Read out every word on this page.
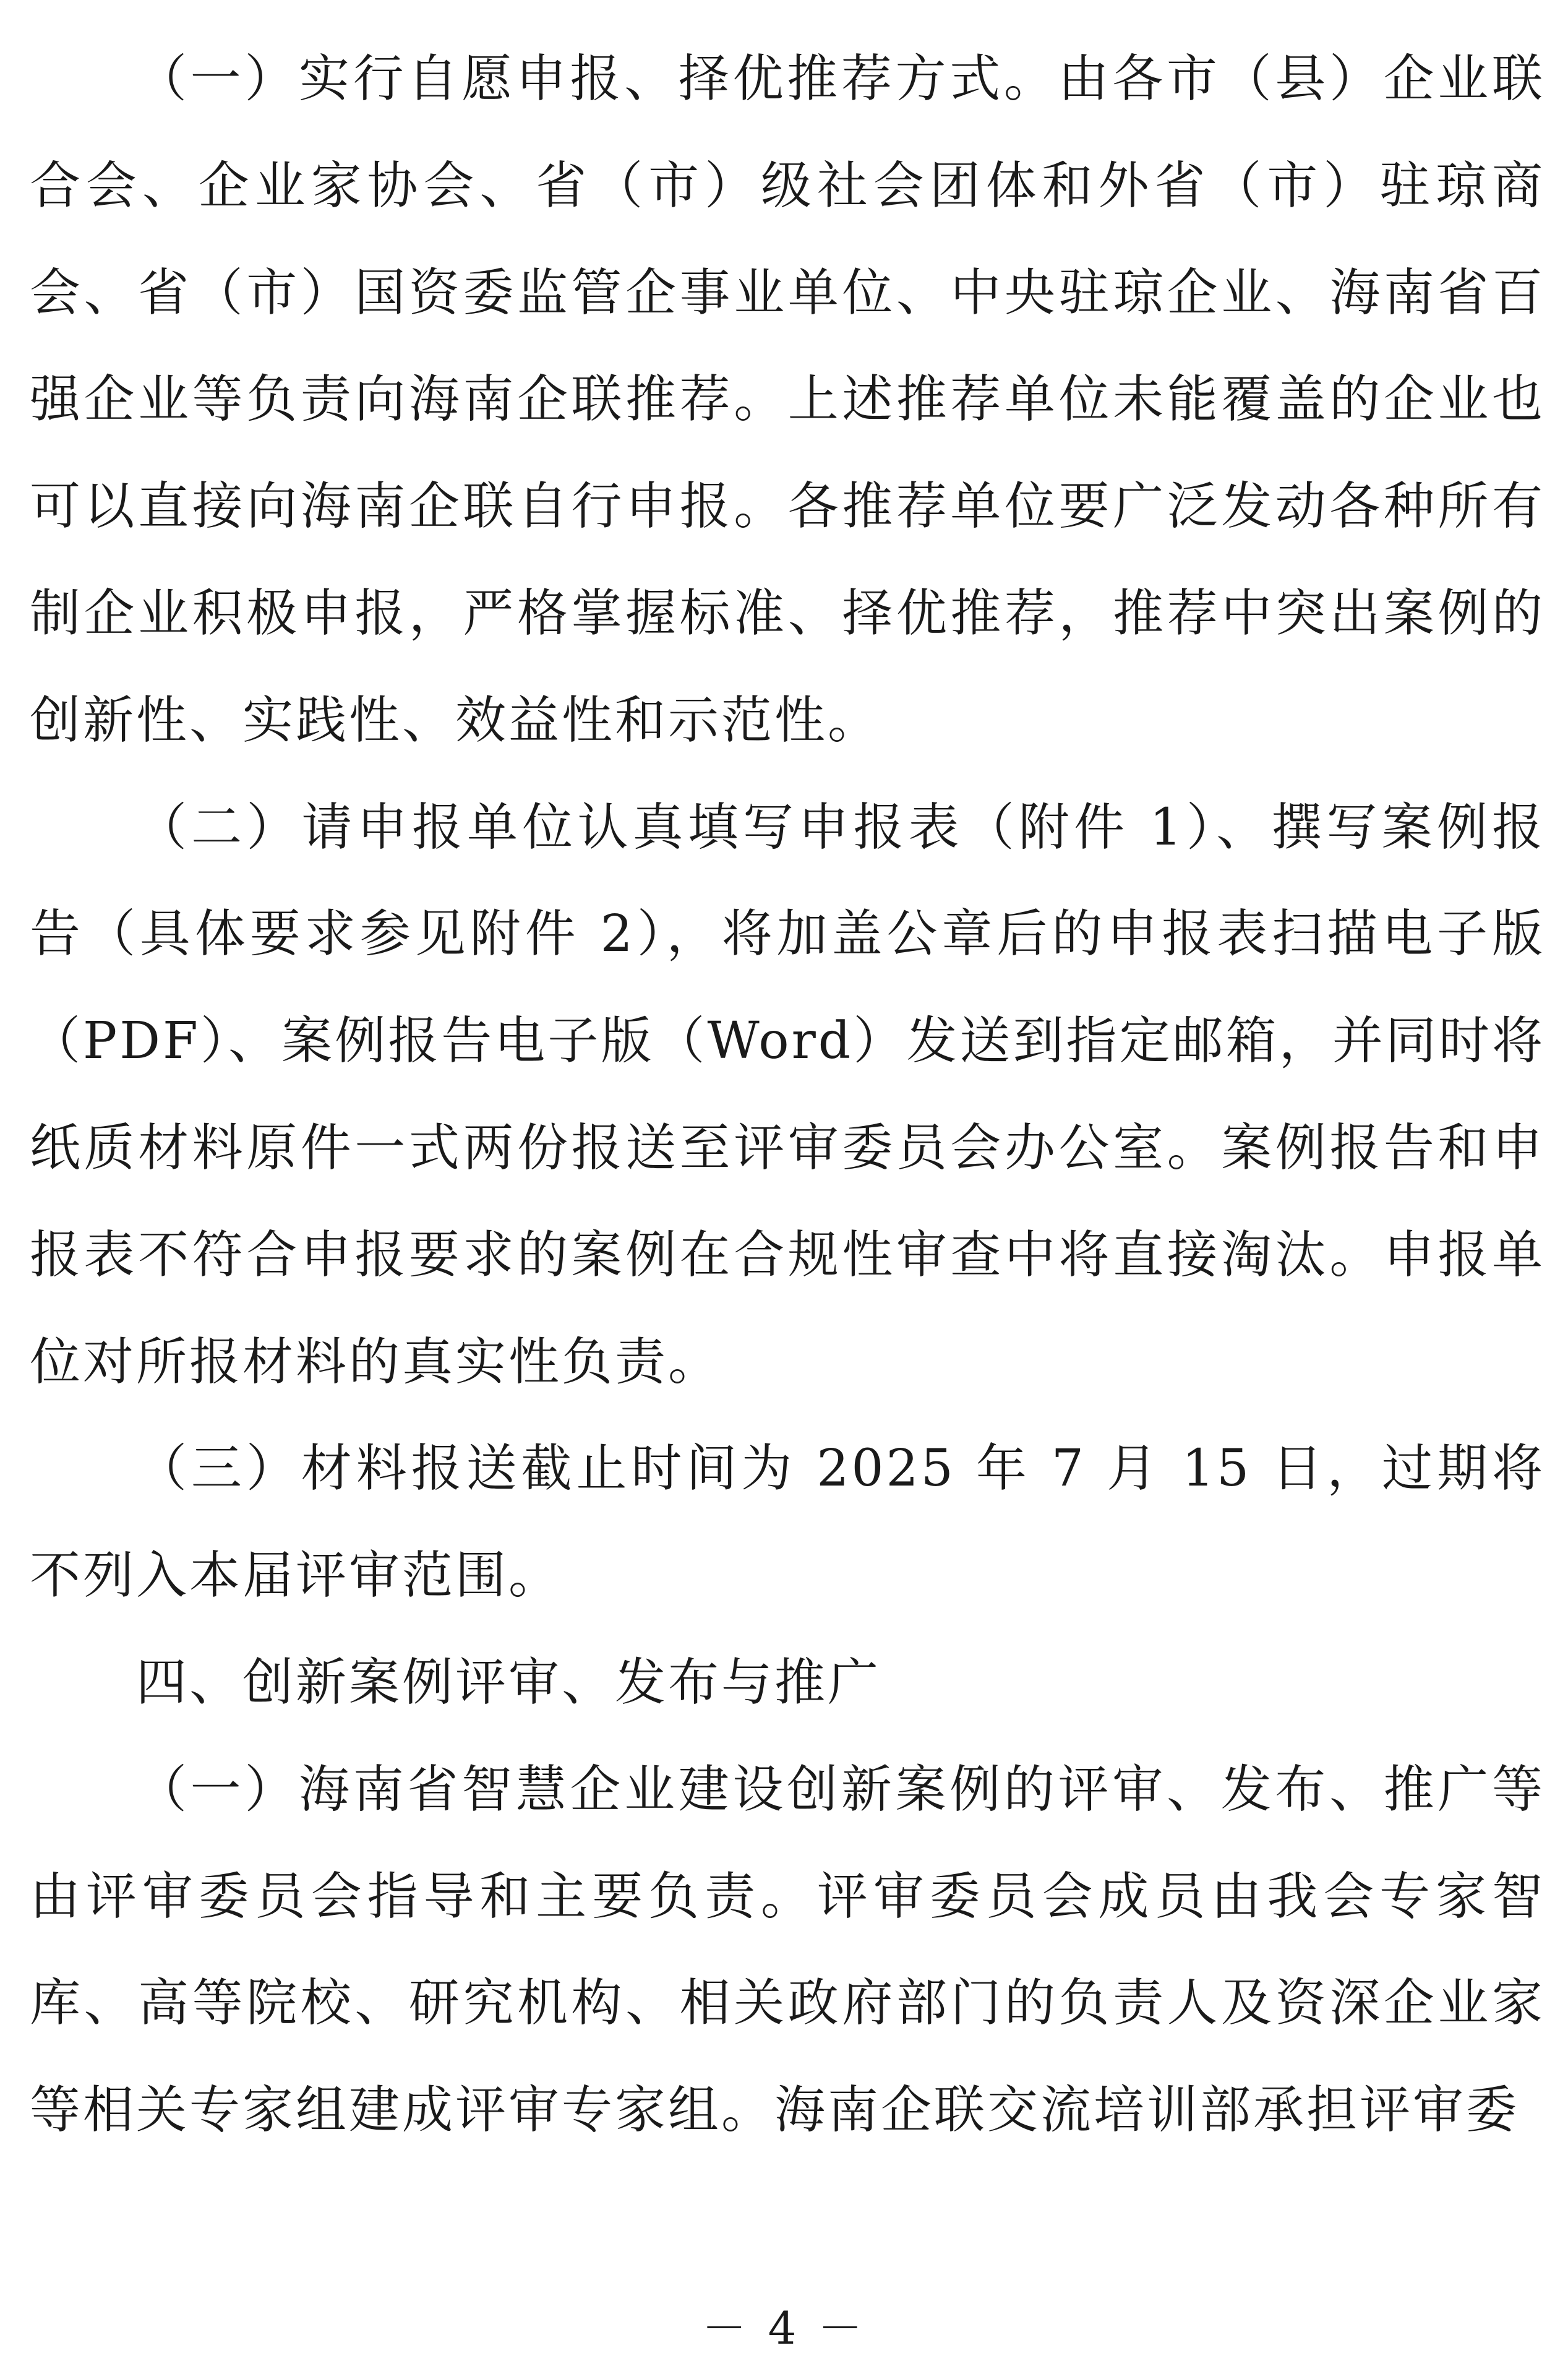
（一）实行自愿申报、择优推荐方式。由各市（县）企业联合会、企业家协会、省（市）级社会团体和外省（市）驻琼商会、省（市）国资委监管企事业单位、中央驻琼企业、海南省百强企业等负责向海南企联推荐。上述推荐单位未能覆盖的企业也可以直接向海南企联自行申报。各推荐单位要广泛发动各种所有制企业积极申报，严格掌握标准、择优推荐，推荐中突出案例的创新性、实践性、效益性和示范性。

（二）请申报单位认真填写申报表（附件 1）、撰写案例报告（具体要求参见附件 2），将加盖公章后的申报表扫描电子版（PDF）、案例报告电子版（Word）发送到指定邮箱，并同时将纸质材料原件一式两份报送至评审委员会办公室。案例报告和申报表不符合申报要求的案例在合规性审查中将直接淘汰。申报单位对所报材料的真实性负责。

（三）材料报送截止时间为 2025 年 7 月 15 日，过期将不列入本届评审范围。

四、创新案例评审、发布与推广

（一）海南省智慧企业建设创新案例的评审、发布、推广等由评审委员会指导和主要负责。评审委员会成员由我会专家智库、高等院校、研究机构、相关政府部门的负责人及资深企业家等相关专家组建成评审专家组。海南企联交流培训部承担评审委

－ 4 －
